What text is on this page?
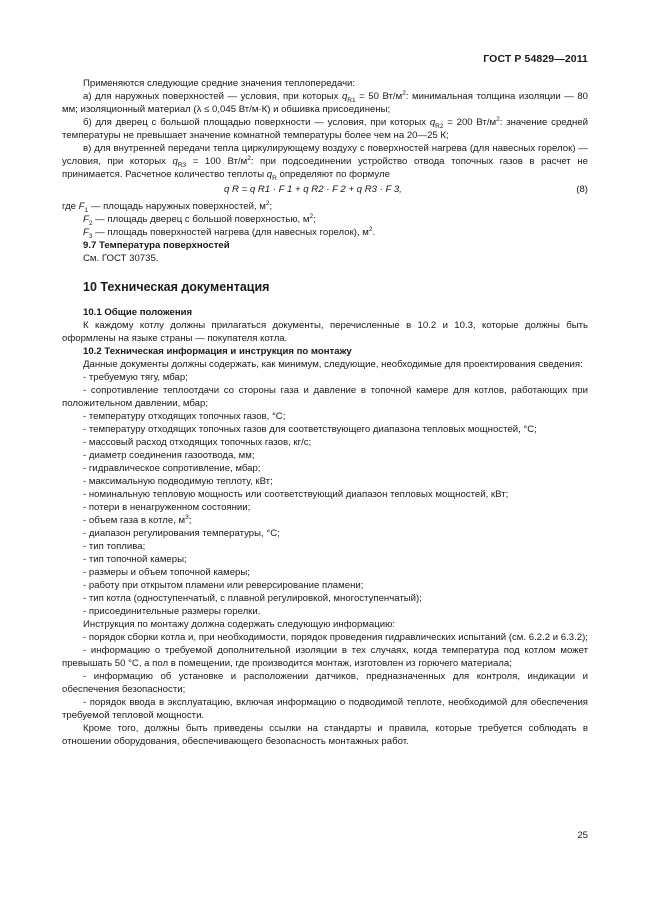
ГОСТ Р 54829—2011

Применяются следующие средние значения теплопередачи:

а) для наружных поверхностей — условия, при которых $q_{R1} = 50$ $Вт/м^2$: минимальная толщина изоляции — 80 мм; изоляционный материал (λ ≤ 0,045 Вт/м·К) и обшивка присоединены;

б) для дверец с большой площадью поверхности — условия, при которых $q_{R2} = 200$ $Вт/м^2$: значение средней температуры не превышает значение комнатной температуры более чем на 20—25 К;

в) для внутренней передачи тепла циркулирующему воздуху с поверхностей нагрева (для навесных горелок) — условия, при которых $q_{R3} = 100$ $Вт/м^2$: при подсоединении устройство отвода топочных газов в расчет не принимается. Расчетное количество теплоты $q_R$ определяют по формуле

q R = q R1 · F 1 + q R2 · F 2 + q R3 · F 3,	(8)

где $F_1$ — площадь наружных поверхностей, $м^2$;

$F_2$ — площадь дверец с большой поверхностью, $м^2$;

$F_3$ — площадь поверхностей нагрева (для навесных горелок), $м^2$.

9.7 Температура поверхностей

См. ГОСТ 30735.

10 Техническая документация

10.1 Общие положения

К каждому котлу должны прилагаться документы, перечисленные в 10.2 и 10.3, которые должны быть оформлены на языке страны — покупателя котла.

10.2 Техническая информация и инструкция по монтажу

Данные документы должны содержать, как минимум, следующие, необходимые для проектирования сведения:

- требуемую тягу, мбар;

- сопротивление теплоотдачи со стороны газа и давление в топочной камере для котлов, работающих при положительном давлении, мбар;

- температуру отходящих топочных газов, °С;

- температуру отходящих топочных газов для соответствующего диапазона тепловых мощностей, °С;

- массовый расход отходящих топочных газов, кг/с;

- диаметр соединения газоотвода, мм;

- гидравлическое сопротивление, мбар;

- максимальную подводимую теплоту, кВт;

- номинальную тепловую мощность или соответствующий диапазон тепловых мощностей, кВт;

- потери в ненагруженном состоянии;

- объем газа в котле, $м^3$;

- диапазон регулирования температуры, °С;

- тип топлива;

- тип топочной камеры;

- размеры и объем топочной камеры;

- работу при открытом пламени или реверсирование пламени;

- тип котла (одноступенчатый, с плавной регулировкой, многоступенчатый);

- присоединительные размеры горелки.

Инструкция по монтажу должна содержать следующую информацию:

- порядок сборки котла и, при необходимости, порядок проведения гидравлических испытаний (см. 6.2.2 и 6.3.2);

- информацию о требуемой дополнительной изоляции в тех случаях, когда температура под котлом может превышать 50 °С, а пол в помещении, где производится монтаж, изготовлен из горючего материала;

- информацию об установке и расположении датчиков, предназначенных для контроля, индикации и обеспечения безопасности;

- порядок ввода в эксплуатацию, включая информацию о подводимой теплоте, необходимой для обеспечения требуемой тепловой мощности.

Кроме того, должны быть приведены ссылки на стандарты и правила, которые требуется соблюдать в отношении оборудования, обеспечивающего безопасность монтажных работ.

25
